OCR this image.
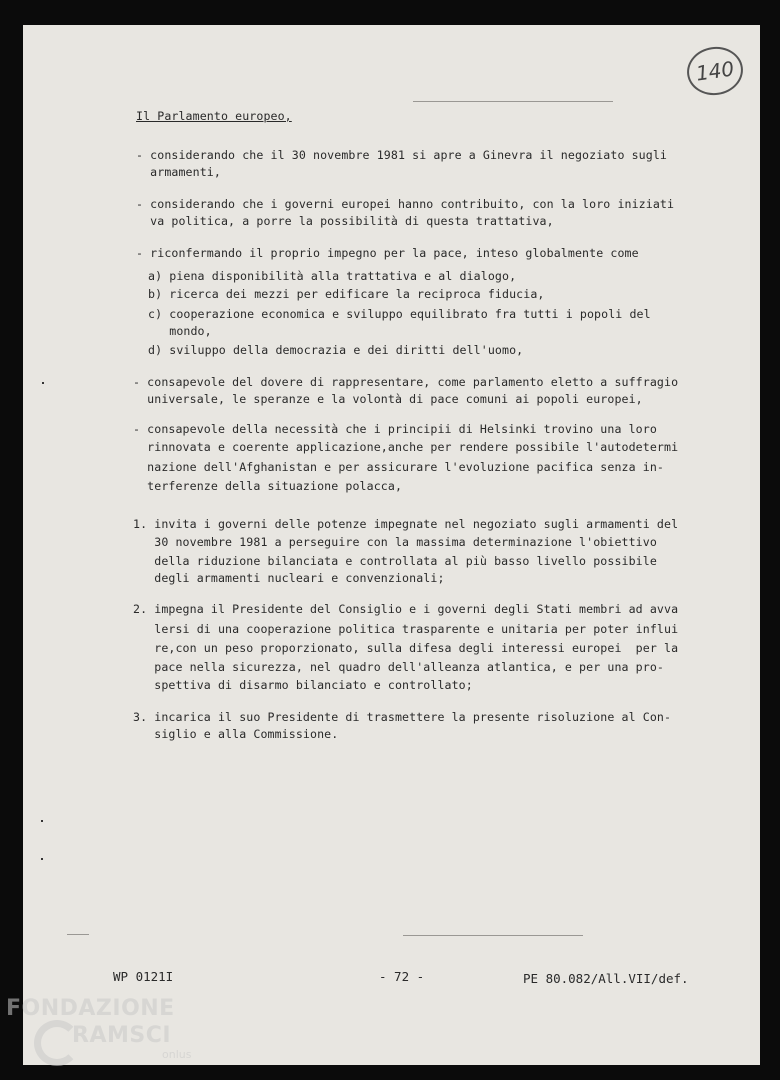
140
Il Parlamento europeo,
- considerando che il 30 novembre 1981 si apre a Ginevra il negoziato sugli
armamenti,
- considerando che i governi europei hanno contribuito, con la loro iniziati
va politica, a porre la possibilità di questa trattativa,
- riconfermando il proprio impegno per la pace, inteso globalmente come
a) piena disponibilità alla trattativa e al dialogo,
b) ricerca dei mezzi per edificare la reciproca fiducia,
c) cooperazione economica e sviluppo equilibrato fra tutti i popoli del
mondo,
d) sviluppo della democrazia e dei diritti dell'uomo,
- consapevole del dovere di rappresentare, come parlamento eletto a suffragio
universale, le speranze e la volontà di pace comuni ai popoli europei,
- consapevole della necessità che i principii di Helsinki trovino una loro
rinnovata e coerente applicazione,anche per rendere possibile l'autodetermi
nazione dell'Afghanistan e per assicurare l'evoluzione pacifica senza in-
terferenze della situazione polacca,
1. invita i governi delle potenze impegnate nel negoziato sugli armamenti del
30 novembre 1981 a perseguire con la massima determinazione l'obiettivo
della riduzione bilanciata e controllata al più basso livello possibile
degli armamenti nucleari e convenzionali;
2. impegna il Presidente del Consiglio e i governi degli Stati membri ad avva
lersi di una cooperazione politica trasparente e unitaria per poter influi
re,con un peso proporzionato, sulla difesa degli interessi europei  per la
pace nella sicurezza, nel quadro dell'alleanza atlantica, e per una pro-
spettiva di disarmo bilanciato e controllato;
3. incarica il suo Presidente di trasmettere la presente risoluzione al Con-
siglio e alla Commissione.
WP 0121I	- 72 -	PE 80.082/All.VII/def.
FONDAZIONE
RAMSCI
onlus
